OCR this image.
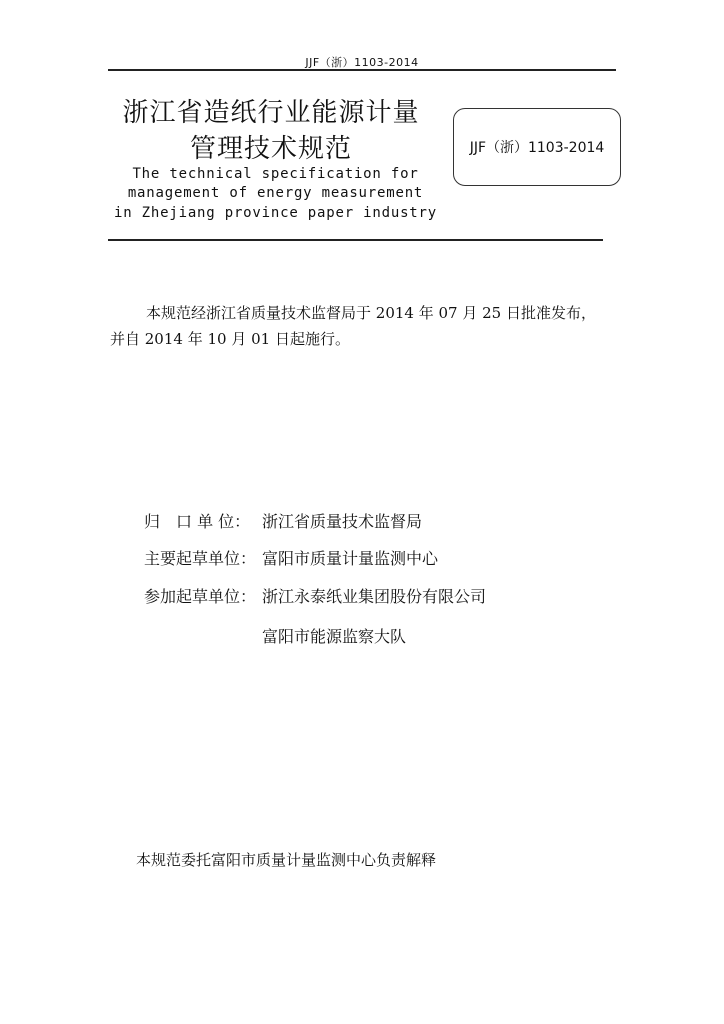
JJF（浙）1103-2014
浙江省造纸行业能源计量
管理技术规范
The technical specification for
management of energy measurement
in Zhejiang province paper industry
JJF（浙）1103-2014
本规范经浙江省质量技术监督局于 2014 年 07 月 25 日批准发布，
并自 2014 年 10 月 01 日起施行。
归　口 单 位： 浙江省质量技术监督局
主要起草单位： 富阳市质量计量监测中心
参加起草单位： 浙江永泰纸业集团股份有限公司
富阳市能源监察大队
本规范委托富阳市质量计量监测中心负责解释
